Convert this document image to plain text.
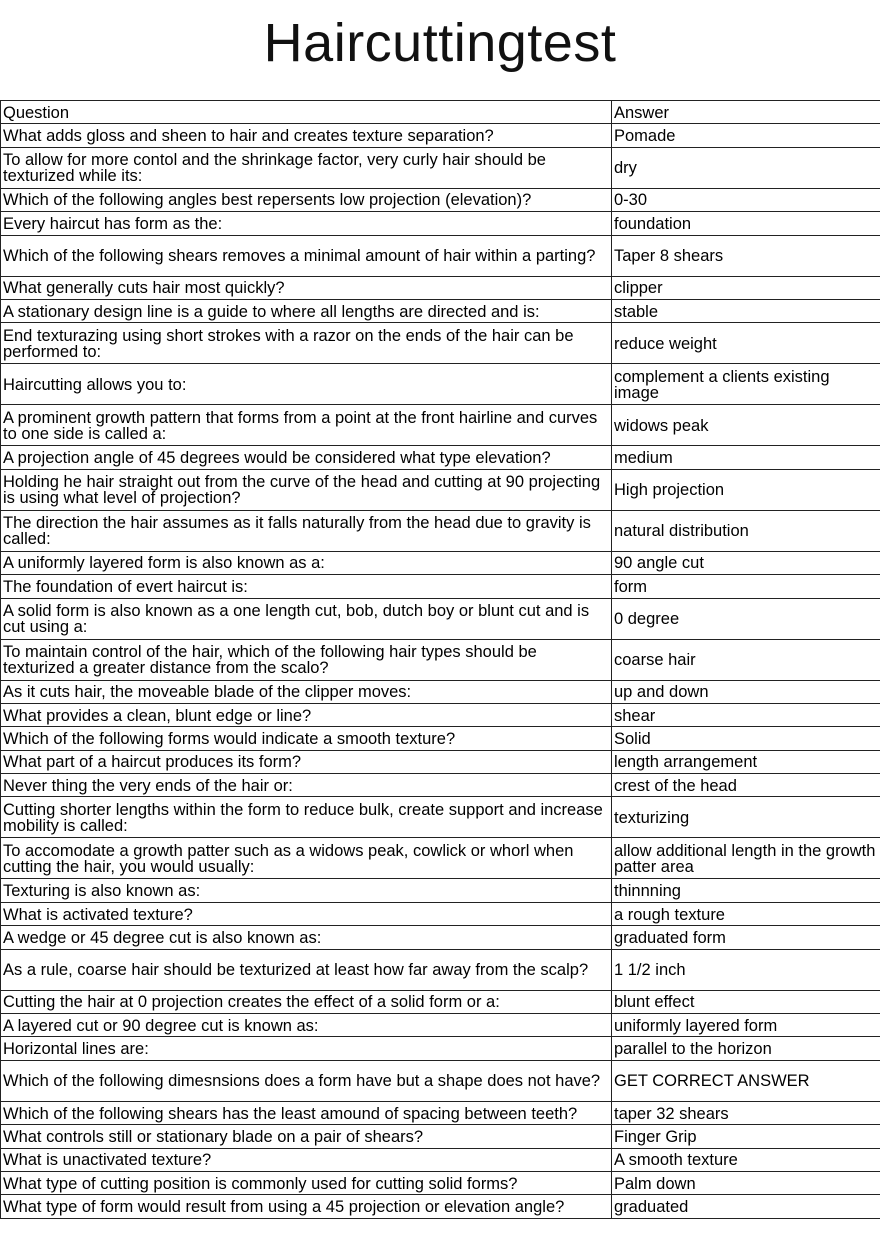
Haircuttingtest
Question	Answer
What adds gloss and sheen to hair and creates texture separation?	Pomade
To allow for more contol and the shrinkage factor, very curly hair should be texturized while its:	dry
Which of the following angles best repersents low projection (elevation)?	0-30
Every haircut has form as the:	foundation
Which of the following shears removes a minimal amount of hair within a parting?	Taper 8 shears
What generally cuts hair most quickly?	clipper
A stationary design line is a guide to where all lengths are directed and is:	stable
End texturazing using short strokes with a razor on the ends of the hair can be performed to:	reduce weight
Haircutting allows you to:	complement a clients existing image
A prominent growth pattern that forms from a point at the front hairline and curves to one side is called a:	widows peak
A projection angle of 45 degrees would be considered what type elevation?	medium
Holding he hair straight out from the curve of the head and cutting at 90 projecting is using what level of projection?	High projection
The direction the hair assumes as it falls naturally from the head due to gravity is called:	natural distribution
A uniformly layered form is also known as a:	90 angle cut
The foundation of evert haircut is:	form
A solid form is also known as a one length cut, bob, dutch boy or blunt cut and is cut using a:	0 degree
To maintain control of the hair, which of the following hair types should be texturized a greater distance from the scalo?	coarse hair
As it cuts hair, the moveable blade of the clipper moves:	up and down
What provides a clean, blunt edge or line?	shear
Which of the following forms would indicate a smooth texture?	Solid
What part of a haircut produces its form?	length arrangement
Never thing the very ends of the hair or:	crest of the head
Cutting shorter lengths within the form to reduce bulk, create support and increase mobility is called:	texturizing
To accomodate a growth patter such as a widows peak, cowlick or whorl when cutting the hair, you would usually:	allow additional length in the growth patter area
Texturing is also known as:	thinnning
What is activated texture?	a rough texture
A wedge or 45 degree cut is also known as:	graduated form
As a rule, coarse hair should be texturized at least how far away from the scalp?	1 1/2 inch
Cutting the hair at 0 projection creates the effect of a solid form or a:	blunt effect
A layered cut or 90 degree cut is known as:	uniformly layered form
Horizontal lines are:	parallel to the horizon
Which of the following dimesnsions does a form have but a shape does not have?	GET CORRECT ANSWER
Which of the following shears has the least amound of spacing between teeth?	taper 32 shears
What controls still or stationary blade on a pair of shears?	Finger Grip
What is unactivated texture?	A smooth texture
What type of cutting position is commonly used for cutting solid forms?	Palm down
What type of form would result from using a 45 projection or elevation angle?	graduated
